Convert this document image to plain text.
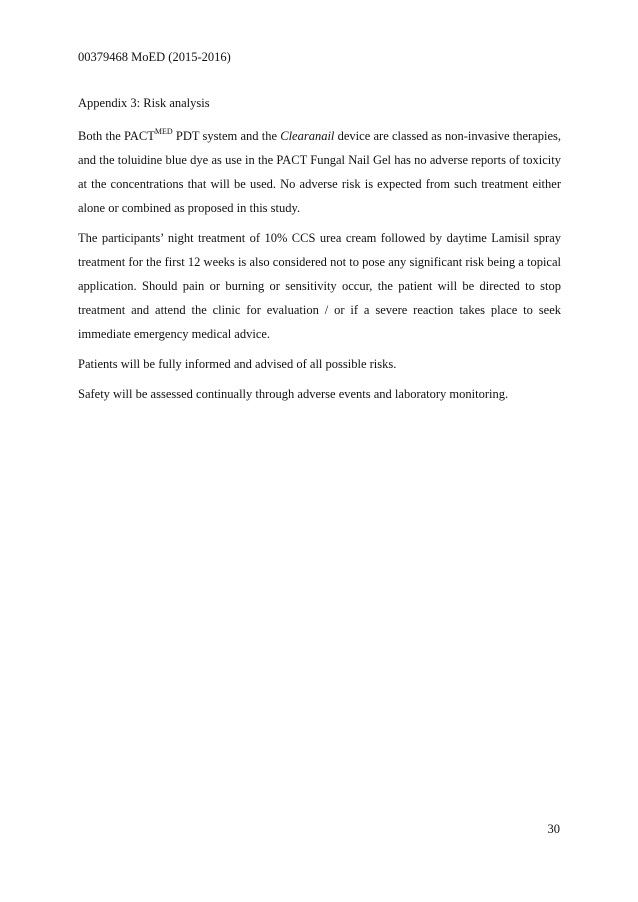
00379468 MoED (2015-2016)
Appendix 3: Risk analysis

Both the $PACT^{MED}$ PDT system and the Clearanail device are classed as non-invasive therapies, and the toluidine blue dye as use in the PACT Fungal Nail Gel has no adverse reports of toxicity at the concentrations that will be used. No adverse risk is expected from such treatment either alone or combined as proposed in this study.

The participants’ night treatment of 10% CCS urea cream followed by daytime Lamisil spray treatment for the first 12 weeks is also considered not to pose any significant risk being a topical application. Should pain or burning or sensitivity occur, the patient will be directed to stop treatment and attend the clinic for evaluation / or if a severe reaction takes place to seek immediate emergency medical advice.

Patients will be fully informed and advised of all possible risks.

Safety will be assessed continually through adverse events and laboratory monitoring.

30
